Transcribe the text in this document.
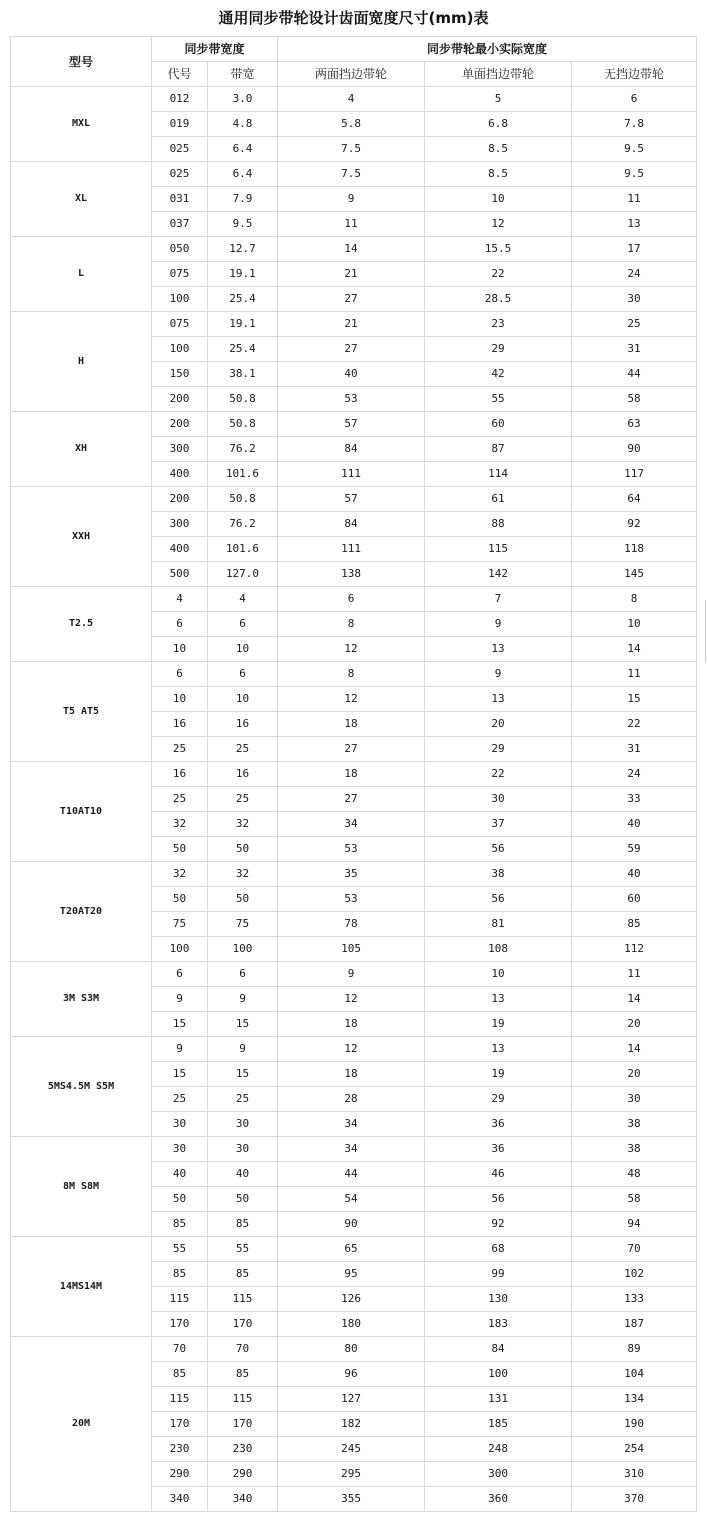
通用同步带轮设计齿面宽度尺寸(mm)表
型号	同步带宽度		同步带轮最小实际宽度		
	代号	带宽	两面挡边带轮	单面挡边带轮	无挡边带轮
MXL	012	3.0	4	5	6
	019	4.8	5.8	6.8	7.8
	025	6.4	7.5	8.5	9.5
XL	025	6.4	7.5	8.5	9.5
	031	7.9	9	10	11
	037	9.5	11	12	13
L	050	12.7	14	15.5	17
	075	19.1	21	22	24
	100	25.4	27	28.5	30
H	075	19.1	21	23	25
	100	25.4	27	29	31
	150	38.1	40	42	44
	200	50.8	53	55	58
XH	200	50.8	57	60	63
	300	76.2	84	87	90
	400	101.6	111	114	117
XXH	200	50.8	57	61	64
	300	76.2	84	88	92
	400	101.6	111	115	118
	500	127.0	138	142	145
T2.5	4	4	6	7	8
	6	6	8	9	10
	10	10	12	13	14
T5 AT5	6	6	8	9	11
	10	10	12	13	15
	16	16	18	20	22
	25	25	27	29	31
T10AT10	16	16	18	22	24
	25	25	27	30	33
	32	32	34	37	40
	50	50	53	56	59
T20AT20	32	32	35	38	40
	50	50	53	56	60
	75	75	78	81	85
	100	100	105	108	112
3M S3M	6	6	9	10	11
	9	9	12	13	14
	15	15	18	19	20
5MS4.5M S5M	9	9	12	13	14
	15	15	18	19	20
	25	25	28	29	30
	30	30	34	36	38
8M S8M	30	30	34	36	38
	40	40	44	46	48
	50	50	54	56	58
	85	85	90	92	94
14MS14M	55	55	65	68	70
	85	85	95	99	102
	115	115	126	130	133
	170	170	180	183	187
20M	70	70	80	84	89
	85	85	96	100	104
	115	115	127	131	134
	170	170	182	185	190
	230	230	245	248	254
	290	290	295	300	310
	340	340	355	360	370
